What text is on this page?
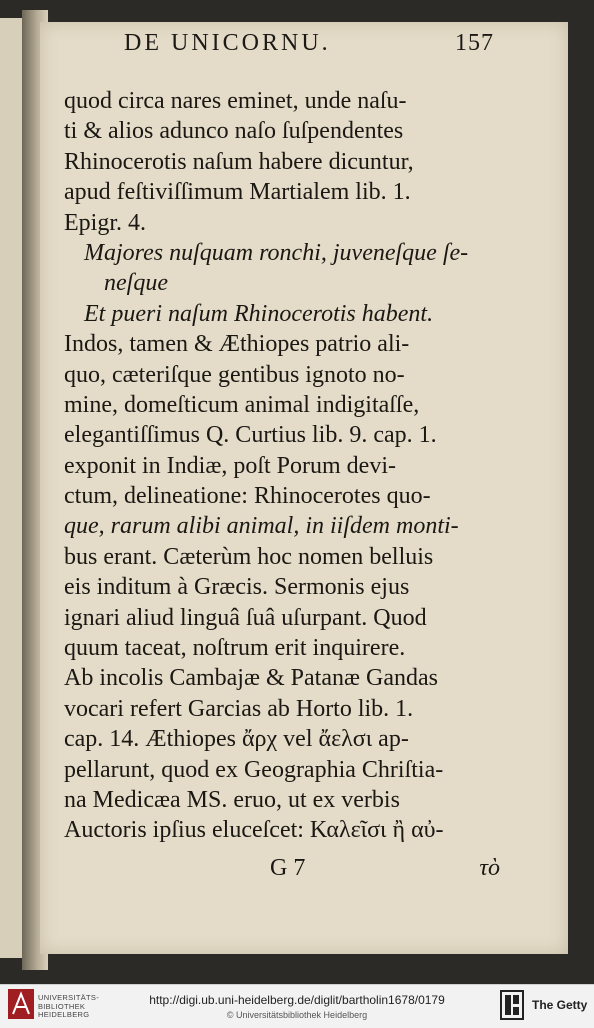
DE UNICORNU.	157
quod circa nares eminet, unde naſu-
ti & alios adunco naſo ſuſpendentes
Rhinocerotis naſum habere dicuntur,
apud feſtiviſſimum Martialem lib. 1.
Epigr. 4.
Majores nuſquam ronchi, juveneſque ſe-
neſque
Et pueri naſum Rhinocerotis habent.
Indos, tamen & Æthiopes patrio ali-
quo, cæteriſque gentibus ignoto no-
mine, domeſticum animal indigitaſſe,
elegantiſſimus Q. Curtius lib. 9. cap. 1.
exponit in Indiæ, poſt Porum devi-
ctum, delineatione: Rhinocerotes quo-
que, rarum alibi animal, in iiſdem monti-
bus erant. Cæterùm hoc nomen belluis
eis inditum à Græcis. Sermonis ejus
ignari aliud linguâ ſuâ uſurpant. Quod
quum taceat, noſtrum erit inquirere.
Ab incolis Cambajæ & Patanæ Gandas
vocari refert Garcias ab Horto lib. 1.
cap. 14. Æthiopes ἄρχ vel ἄελσι ap-
pellarunt, quod ex Geographia Chriſtia-
na Medicæa MS. eruo, ut ex verbis
Auctoris ipſius eluceſcet: Καλεῖσι ἢ αὐ-
G 7	τὸ
UNIVERSITÄTS-
BIBLIOTHEK
HEIDELBERG
http://digi.ub.uni-heidelberg.de/diglit/bartholin1678/0179
© Universitätsbibliothek Heidelberg
The Getty
